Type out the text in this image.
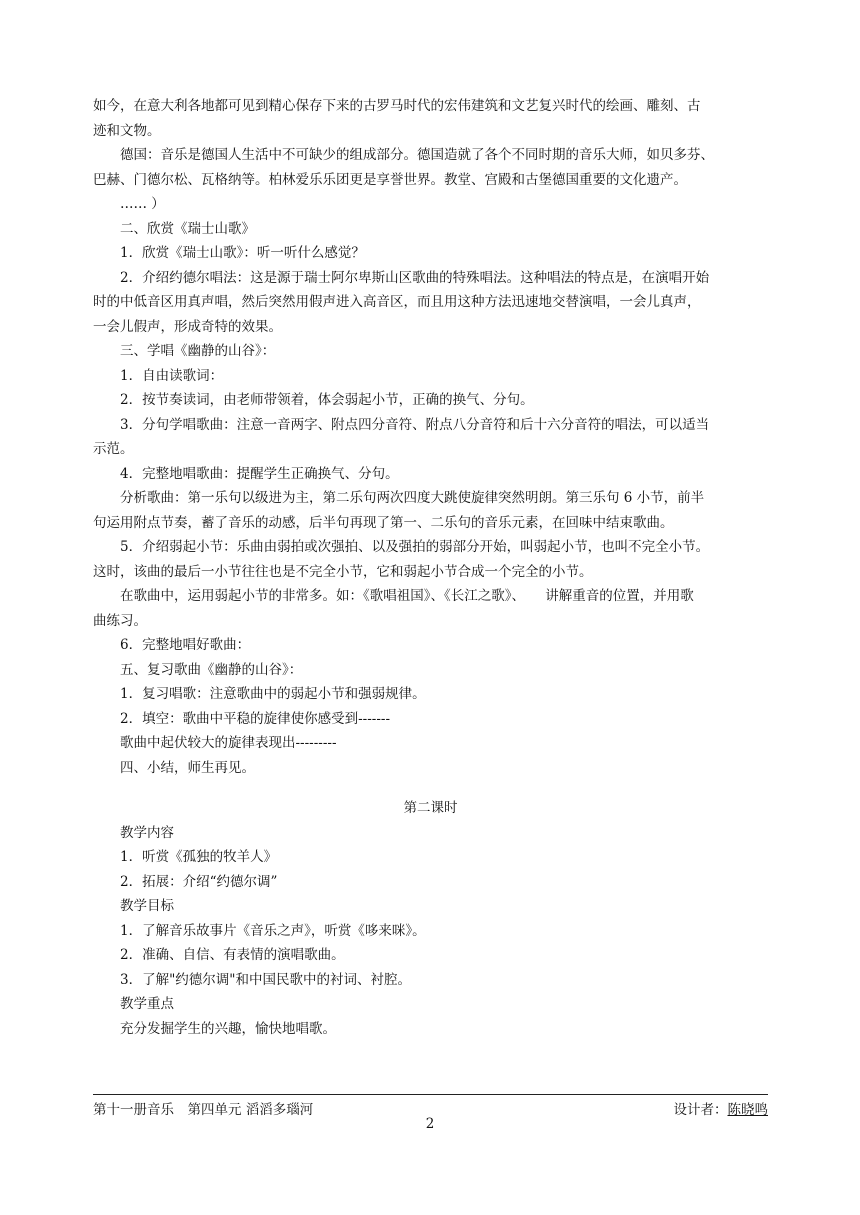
如今，在意大利各地都可见到精心保存下来的古罗马时代的宏伟建筑和文艺复兴时代的绘画、雕刻、古
迹和文物。
德国：音乐是德国人生活中不可缺少的组成部分。德国造就了各个不同时期的音乐大师，如贝多芬、
巴赫、门德尔松、瓦格纳等。柏林爱乐乐团更是享誉世界。教堂、宫殿和古堡德国重要的文化遗产。
…… ）
二、欣赏《瑞士山歌》
1．欣赏《瑞士山歌》：听一听什么感觉？
2．介绍约德尔唱法：这是源于瑞士阿尔卑斯山区歌曲的特殊唱法。这种唱法的特点是，在演唱开始
时的中低音区用真声唱，然后突然用假声进入高音区，而且用这种方法迅速地交替演唱，一会儿真声，
一会儿假声，形成奇特的效果。
三、学唱《幽静的山谷》：
1．自由读歌词：
2．按节奏读词，由老师带领着，体会弱起小节，正确的换气、分句。
3．分句学唱歌曲：注意一音两字、附点四分音符、附点八分音符和后十六分音符的唱法，可以适当
示范。
4．完整地唱歌曲：提醒学生正确换气、分句。
分析歌曲：第一乐句以级进为主，第二乐句两次四度大跳使旋律突然明朗。第三乐句 6 小节，前半
句运用附点节奏，蓄了音乐的动感，后半句再现了第一、二乐句的音乐元素，在回味中结束歌曲。
5．介绍弱起小节：乐曲由弱拍或次强拍、以及强拍的弱部分开始，叫弱起小节，也叫不完全小节。
这时，该曲的最后一小节往往也是不完全小节，它和弱起小节合成一个完全的小节。
在歌曲中，运用弱起小节的非常多。如：《歌唱祖国》、《长江之歌》、　　讲解重音的位置，并用歌
曲练习。
6．完整地唱好歌曲：
五、复习歌曲《幽静的山谷》：
1．复习唱歌：注意歌曲中的弱起小节和强弱规律。
2．填空：歌曲中平稳的旋律使你感受到-------
歌曲中起伏较大的旋律表现出---------
四、小结，师生再见。
第二课时
教学内容
1．听赏《孤独的牧羊人》
2．拓展：介绍“约德尔调”
教学目标
1．了解音乐故事片《音乐之声》，听赏《哆来咪》。
2．准确、自信、有表情的演唱歌曲。
3．了解"约德尔调"和中国民歌中的衬词、衬腔。
教学重点
充分发掘学生的兴趣，愉快地唱歌。
第十一册音乐　第四单元 滔滔多瑙河	设计者：陈晓鸣
2
